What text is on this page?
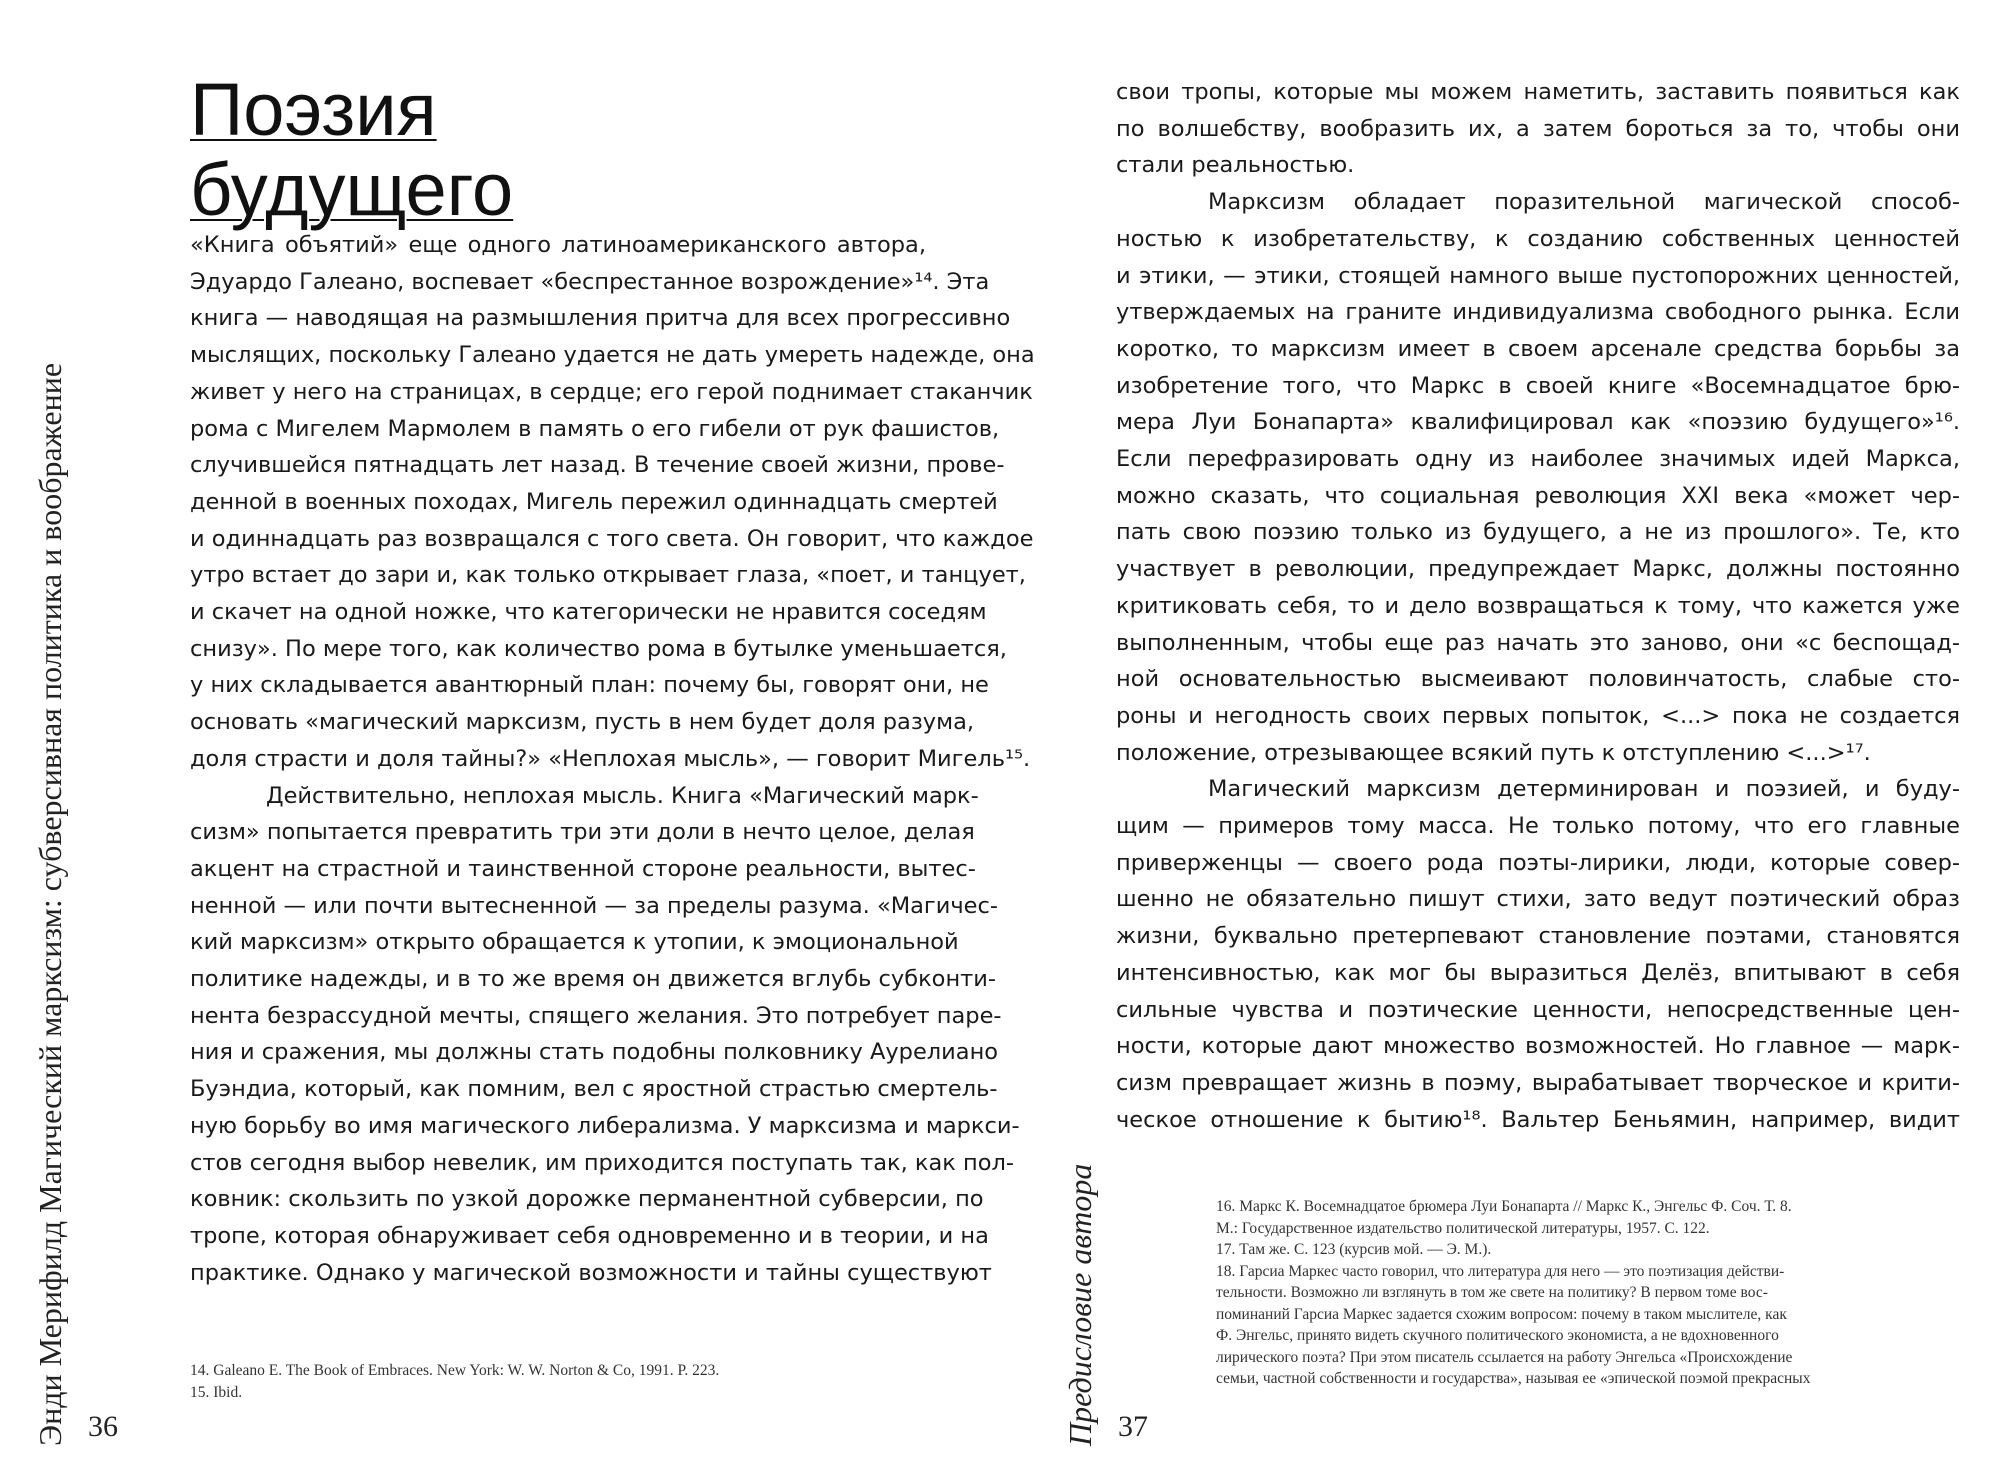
Энди Мерифилд Магический марксизм: субверсивная политика и воображение 36
Поэзия
будущего
«Книга объятий» еще одного латиноамериканского автора,
Эдуардо Галеано, воспевает «беспрестанное возрождение»¹⁴. Эта
книга — наводящая на размышления притча для всех прогрессивно
мыслящих, поскольку Галеано удается не дать умереть надежде, она
живет у него на страницах, в сердце; его герой поднимает стаканчик
рома с Мигелем Мармолем в память о его гибели от рук фашистов,
случившейся пятнадцать лет назад. В течение своей жизни, прове-
денной в военных походах, Мигель пережил одиннадцать смертей
и одиннадцать раз возвращался с того света. Он говорит, что каждое
утро встает до зари и, как только открывает глаза, «поет, и танцует,
и скачет на одной ножке, что категорически не нравится соседям
снизу». По мере того, как количество рома в бутылке уменьшается,
у них складывается авантюрный план: почему бы, говорят они, не
основать «магический марксизм, пусть в нем будет доля разума,
доля страсти и доля тайны?» «Неплохая мысль», — говорит Мигель¹⁵.
Действительно, неплохая мысль. Книга «Магический марк-
сизм» попытается превратить три эти доли в нечто целое, делая
акцент на страстной и таинственной стороне реальности, вытес-
ненной — или почти вытесненной — за пределы разума. «Магичес-
кий марксизм» открыто обращается к утопии, к эмоциональной
политике надежды, и в то же время он движется вглубь субконти-
нента безрассудной мечты, спящего желания. Это потребует паре-
ния и сражения, мы должны стать подобны полковнику Аурелиано
Буэндиа, который, как помним, вел с яростной страстью смертель-
ную борьбу во имя магического либерализма. У марксизма и маркси-
стов сегодня выбор невелик, им приходится поступать так, как пол-
ковник: скользить по узкой дорожке перманентной субверсии, по
тропе, которая обнаруживает себя одновременно и в теории, и на
практике. Однако у магической возможности и тайны существуют
14. Galeano E. The Book of Embraces. New York: W. W. Norton & Co, 1991. P. 223.
15. Ibid.	Предисловие автора 37
свои тропы, которые мы можем наметить, заставить появиться как
по волшебству, вообразить их, а затем бороться за то, чтобы они
стали реальностью.
Марксизм обладает поразительной магической способ-
ностью к изобретательству, к созданию собственных ценностей
и этики, — этики, стоящей намного выше пустопорожних ценностей,
утверждаемых на граните индивидуализма свободного рынка. Если
коротко, то марксизм имеет в своем арсенале средства борьбы за
изобретение того, что Маркс в своей книге «Восемнадцатое брю-
мера Луи Бонапарта» квалифицировал как «поэзию будущего»¹⁶.
Если перефразировать одну из наиболее значимых идей Маркса,
можно сказать, что социальная революция XXI века «может чер-
пать свою поэзию только из будущего, а не из прошлого». Те, кто
участвует в революции, предупреждает Маркс, должны постоянно
критиковать себя, то и дело возвращаться к тому, что кажется уже
выполненным, чтобы еще раз начать это заново, они «с беспощад-
ной основательностью высмеивают половинчатость, слабые сто-
роны и негодность своих первых попыток, <...> пока не создается
положение, отрезывающее всякий путь к отступлению <...>¹⁷.
Магический марксизм детерминирован и поэзией, и буду-
щим — примеров тому масса. Не только потому, что его главные
приверженцы — своего рода поэты-лирики, люди, которые совер-
шенно не обязательно пишут стихи, зато ведут поэтический образ
жизни, буквально претерпевают становление поэтами, становятся
интенсивностью, как мог бы выразиться Делёз, впитывают в себя
сильные чувства и поэтические ценности, непосредственные цен-
ности, которые дают множество возможностей. Но главное — марк-
сизм превращает жизнь в поэму, вырабатывает творческое и крити-
ческое отношение к бытию¹⁸. Вальтер Беньямин, например, видит
16. Маркс К. Восемнадцатое брюмера Луи Бонапарта // Маркс К., Энгельс Ф. Соч. Т. 8.
М.: Государственное издательство политической литературы, 1957. С. 122.
17. Там же. С. 123 (курсив мой. — Э. М.).
18. Гарсиа Маркес часто говорил, что литература для него — это поэтизация действи-
тельности. Возможно ли взглянуть в том же свете на политику? В первом томе вос-
поминаний Гарсиа Маркес задается схожим вопросом: почему в таком мыслителе, как
Ф. Энгельс, принято видеть скучного политического экономиста, а не вдохновенного
лирического поэта? При этом писатель ссылается на работу Энгельса «Происхождение
семьи, частной собственности и государства», называя ее «эпической поэмой прекрасных
